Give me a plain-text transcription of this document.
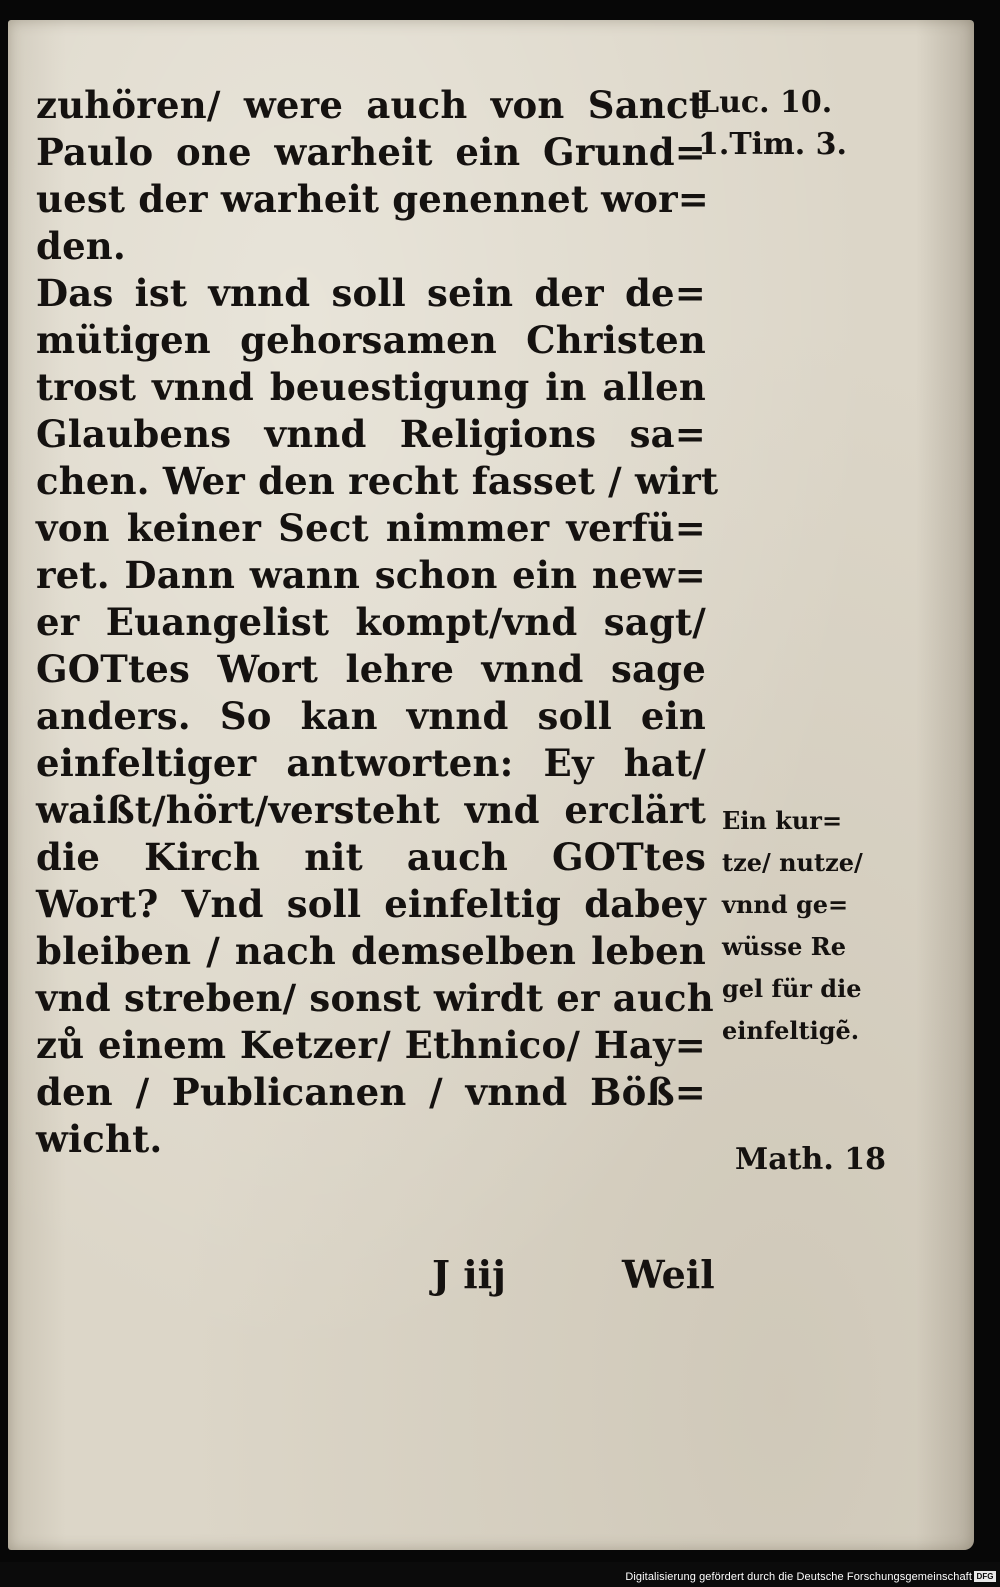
zuhören/ were auch von Sanct
Paulo one warheit ein Grund=
uest der warheit genennet wor=
den.
Das ist vnnd soll sein der de=
mütigen gehorsamen Christen
trost vnnd beuestigung in allen
Glaubens vnnd Religions sa=
chen. Wer den recht fasset / wirt
von keiner Sect nimmer verfü=
ret. Dann wann schon ein new=
er Euangelist kompt/vnd sagt/
GOTtes Wort lehre vnnd sage
anders. So kan vnnd soll ein
einfeltiger antworten: Ey hat/
waißt/hört/versteht vnd erclärt
die Kirch nit auch GOTtes
Wort? Vnd soll einfeltig dabey
bleiben / nach demselben leben
vnd streben/ sonst wirdt er auch
zů einem Ketzer/ Ethnico/ Hay=
den / Publicanen / vnnd Böß=
wicht.
Luc. 10.
1.Tim. 3.
Ein kur=
tze/ nutze/
vnnd ge=
wüsse Re
gel für die
einfeltigẽ.
Math. 18
J iij	Weil
Digitalisierung gefördert durch die Deutsche Forschungsgemeinschaft DFG
